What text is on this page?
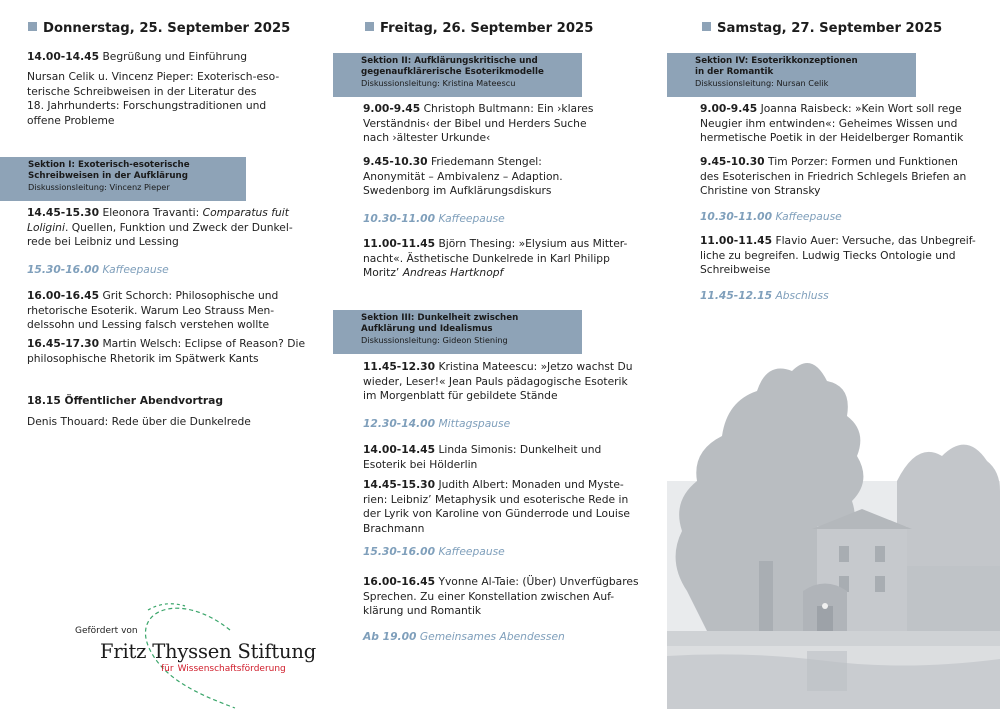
Donnerstag, 25. September 2025
14.00-14.45 Begrüßung und Einführung
Nursan Celik u. Vincenz Pieper: Exoterisch-eso-
terische Schreibweisen in der Literatur des
18. Jahrhunderts: Forschungstraditionen und
offene Probleme
Sektion I: Exoterisch-esoterische
Schreibweisen in der Aufklärung
Diskussionsleitung: Vincenz Pieper
14.45-15.30 Eleonora Travanti: Comparatus fuit
Loligini. Quellen, Funktion und Zweck der Dunkel-
rede bei Leibniz und Lessing
15.30-16.00 Kaffeepause
16.00-16.45 Grit Schorch: Philosophische und
rhetorische Esoterik. Warum Leo Strauss Men-
delssohn und Lessing falsch verstehen wollte
16.45-17.30 Martin Welsch: Eclipse of Reason? Die
philosophische Rhetorik im Spätwerk Kants
18.15 Öffentlicher Abendvortrag
Denis Thouard: Rede über die Dunkelrede
Freitag, 26. September 2025
Sektion II: Aufklärungskritische und
gegenaufklärerische Esoterikmodelle
Diskussionsleitung: Kristina Mateescu
9.00-9.45 Christoph Bultmann: Ein ›klares
Verständnis‹ der Bibel und Herders Suche
nach ›ältester Urkunde‹
9.45-10.30 Friedemann Stengel:
Anonymität – Ambivalenz – Adaption.
Swedenborg im Aufklärungsdiskurs
10.30-11.00 Kaffeepause
11.00-11.45 Björn Thesing: »Elysium aus Mitter-
nacht«. Ästhetische Dunkelrede in Karl Philipp
Moritz’ Andreas Hartknopf
Sektion III: Dunkelheit zwischen
Aufklärung und Idealismus
Diskussionsleitung: Gideon Stiening
11.45-12.30 Kristina Mateescu: »Jetzo wachst Du
wieder, Leser!« Jean Pauls pädagogische Esoterik
im Morgenblatt für gebildete Stände
12.30-14.00 Mittagspause
14.00-14.45 Linda Simonis: Dunkelheit und
Esoterik bei Hölderlin
14.45-15.30 Judith Albert: Monaden und Myste-
rien: Leibniz’ Metaphysik und esoterische Rede in
der Lyrik von Karoline von Günderrode und Louise
Brachmann
15.30-16.00 Kaffeepause
16.00-16.45 Yvonne Al-Taie: (Über) Unverfügbares
Sprechen. Zu einer Konstellation zwischen Auf-
klärung und Romantik
Ab 19.00 Gemeinsames Abendessen
Samstag, 27. September 2025
Sektion IV: Esoterikkonzeptionen
in der Romantik
Diskussionsleitung: Nursan Celik
9.00-9.45 Joanna Raisbeck: »Kein Wort soll rege
Neugier ihm entwinden«: Geheimes Wissen und
hermetische Poetik in der Heidelberger Romantik
9.45-10.30 Tim Porzer: Formen und Funktionen
des Esoterischen in Friedrich Schlegels Briefen an
Christine von Stransky
10.30-11.00 Kaffeepause
11.00-11.45 Flavio Auer: Versuche, das Unbegreif-
liche zu begreifen. Ludwig Tiecks Ontologie und
Schreibweise
11.45-12.15 Abschluss
Gefördert von
Fritz Thyssen Stiftung
für Wissenschaftsförderung
